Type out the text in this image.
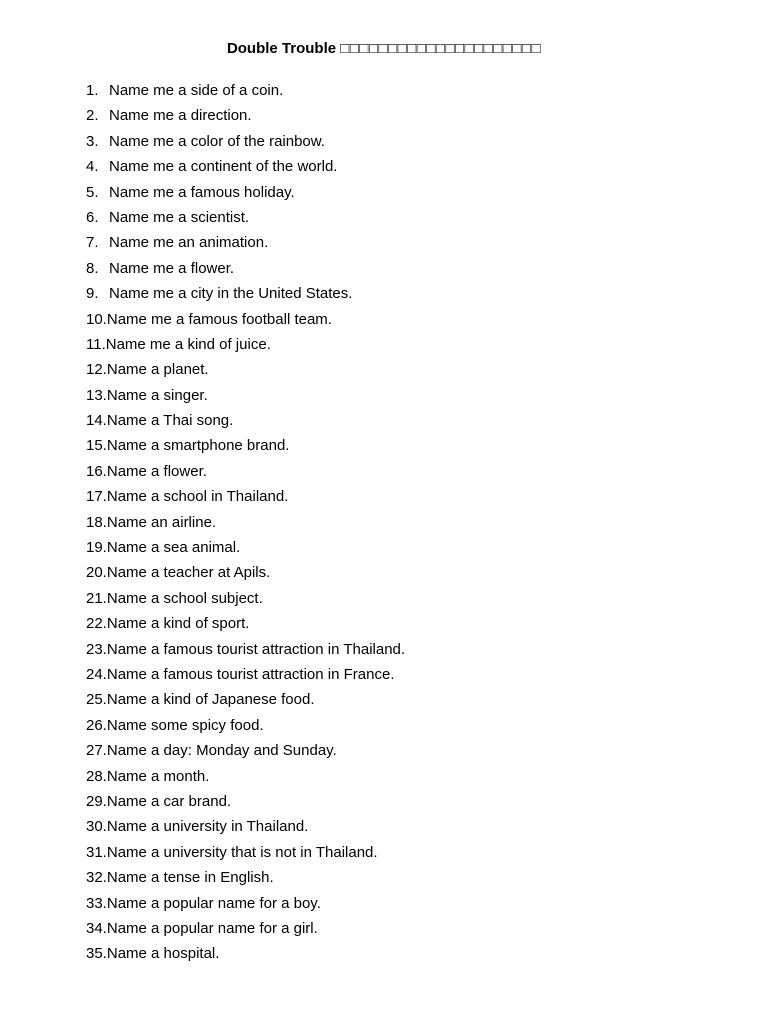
Double Trouble □□□□□□□□□□□□□□□□□□□□□
1. Name me a side of a coin.
2. Name me a direction.
3. Name me a color of the rainbow.
4. Name me a continent of the world.
5. Name me a famous holiday.
6. Name me a scientist.
7. Name me an animation.
8. Name me a flower.
9. Name me a city in the United States.
10. Name me a famous football team.
11. Name me a kind of juice.
12. Name a planet.
13. Name a singer.
14. Name a Thai song.
15. Name a smartphone brand.
16. Name a flower.
17. Name a school in Thailand.
18. Name an airline.
19. Name a sea animal.
20. Name a teacher at Apils.
21. Name a school subject.
22. Name a kind of sport.
23. Name a famous tourist attraction in Thailand.
24. Name a famous tourist attraction in France.
25. Name a kind of Japanese food.
26. Name some spicy food.
27. Name a day: Monday and Sunday.
28. Name a month.
29. Name a car brand.
30. Name a university in Thailand.
31. Name a university that is not in Thailand.
32. Name a tense in English.
33. Name a popular name for a boy.
34. Name a popular name for a girl.
35. Name a hospital.
